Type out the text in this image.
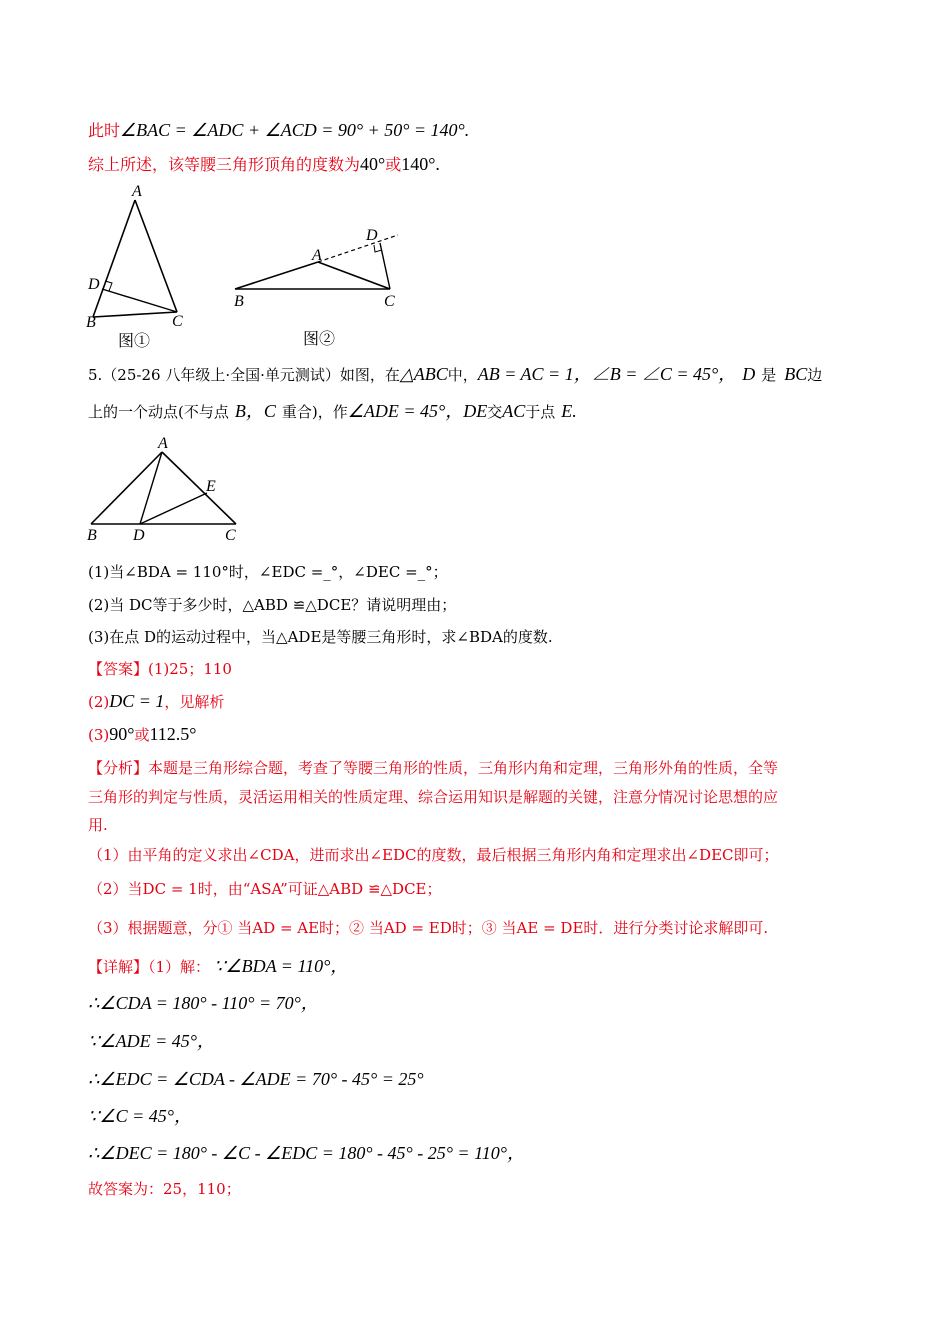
此时∠BAC = ∠ADC + ∠ACD = 90° + 50° = 140°.
综上所述，该等腰三角形顶角的度数为40°或140°.
A
D
B	C
图①
A
D
B	C
图②
5.（25-26 八年级上·全国·单元测试）如图，在△ABC中，AB = AC = 1，∠B = ∠C = 45°， D 是 BC边
上的一个动点(不与点 B，C 重合)，作∠ADE = 45°，DE交AC于点 E.
A
E
B D	C
(1)当∠BDA = 110°时，∠EDC =_°，∠DEC =_°；
(2)当 DC等于多少时，△ABD ≌△DCE？请说明理由；
(3)在点 D的运动过程中，当△ADE是等腰三角形时，求∠BDA的度数.
【答案】(1)25；110
(2)DC = 1，见解析
(3)90°或112.5°
【分析】本题是三角形综合题，考查了等腰三角形的性质，三角形内角和定理，三角形外角的性质，全等
三角形的判定与性质，灵活运用相关的性质定理、综合运用知识是解题的关键，注意分情况讨论思想的应
用.
（1）由平角的定义求出∠CDA，进而求出∠EDC的度数，最后根据三角形内角和定理求出∠DEC即可；
（2）当DC = 1时，由“ASA”可证△ABD ≌△DCE；
（3）根据题意，分① 当AD = AE时；② 当AD = ED时；③ 当AE = DE时．进行分类讨论求解即可.
【详解】（1）解： ∵∠BDA = 110°，
∴∠CDA = 180° - 110° = 70°，
∵∠ADE = 45°，
∴∠EDC = ∠CDA - ∠ADE = 70° - 45° = 25°
∵∠C = 45°，
∴∠DEC = 180° - ∠C - ∠EDC = 180° - 45° - 25° = 110°，
故答案为：25，110；
